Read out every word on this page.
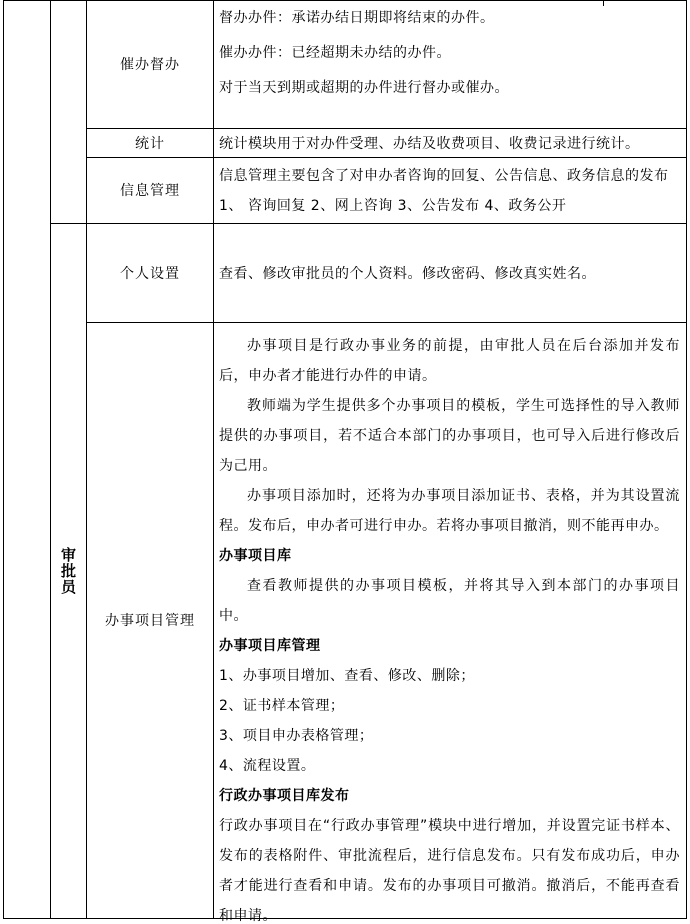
审批员
催办督办
统计
信息管理
个人设置
办事项目管理

督办办件：承诺办结日期即将结束的办件。

催办办件：已经超期未办结的办件。

对于当天到期或超期的办件进行督办或催办。

统计模块用于对办件受理、办结及收费项目、收费记录进行统计。

信息管理主要包含了对申办者咨询的回复、公告信息、政务信息的发布

1、 咨询回复 2、网上咨询 3、公告发布 4、政务公开

查看、修改审批员的个人资料。修改密码、修改真实姓名。

办事项目是行政办事业务的前提，由审批人员在后台添加并发布后，申办者才能进行办件的申请。

教师端为学生提供多个办事项目的模板，学生可选择性的导入教师提供的办事项目，若不适合本部门的办事项目，也可导入后进行修改后为己用。

办事项目添加时，还将为办事项目添加证书、表格，并为其设置流程。发布后，申办者可进行申办。若将办事项目撤消，则不能再申办。

办事项目库

查看教师提供的办事项目模板，并将其导入到本部门的办事项目中。

办事项目库管理

1、办事项目增加、查看、修改、删除；

2、证书样本管理；

3、项目申办表格管理；

4、流程设置。

行政办事项目库发布

行政办事项目在“行政办事管理”模块中进行增加，并设置完证书样本、发布的表格附件、审批流程后，进行信息发布。只有发布成功后，申办者才能进行查看和申请。发布的办事项目可撤消。撤消后，不能再查看和申请。
